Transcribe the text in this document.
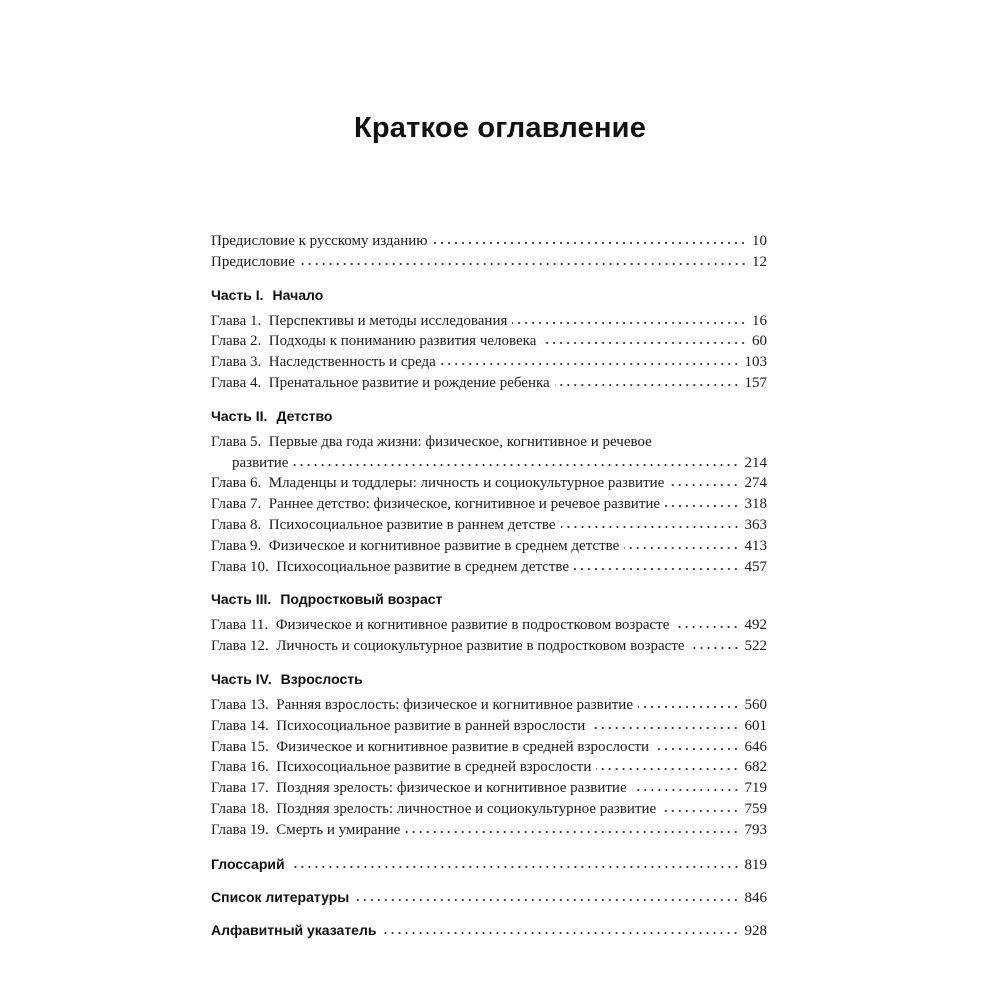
Краткое оглавление
Предисловие к русскому изданию	10
Предисловие	12
Часть I. Начало
Глава 1. Перспективы и методы исследования	16
Глава 2. Подходы к пониманию развития человека	60
Глава 3. Наследственность и среда	103
Глава 4. Пренатальное развитие и рождение ребенка	157
Часть II. Детство
Глава 5. Первые два года жизни: физическое, когнитивное и речевое
развитие	214
Глава 6. Младенцы и тоддлеры: личность и социокультурное развитие	274
Глава 7. Раннее детство: физическое, когнитивное и речевое развитие	318
Глава 8. Психосоциальное развитие в раннем детстве	363
Глава 9. Физическое и когнитивное развитие в среднем детстве	413
Глава 10. Психосоциальное развитие в среднем детстве	457
Часть III. Подростковый возраст
Глава 11. Физическое и когнитивное развитие в подростковом возрасте	492
Глава 12. Личность и социокультурное развитие в подростковом возрасте	522
Часть IV. Взрослость
Глава 13. Ранняя взрослость: физическое и когнитивное развитие	560
Глава 14. Психосоциальное развитие в ранней взрослости	601
Глава 15. Физическое и когнитивное развитие в средней взрослости	646
Глава 16. Психосоциальное развитие в средней взрослости	682
Глава 17. Поздняя зрелость: физическое и когнитивное развитие	719
Глава 18. Поздняя зрелость: личностное и социокультурное развитие	759
Глава 19. Смерть и умирание	793
Глоссарий	819
Список литературы	846
Алфавитный указатель	928
